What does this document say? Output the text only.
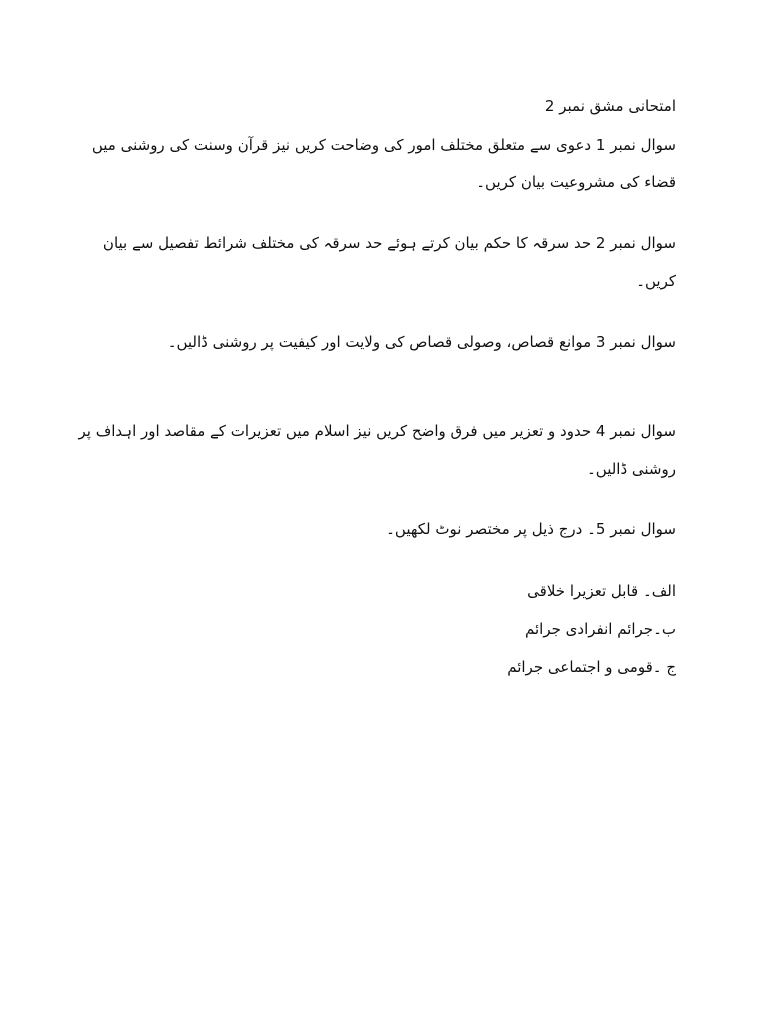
امتحانی مشق نمبر 2
سوال نمبر 1 دعوی سے متعلق مختلف امور کی وضاحت کریں نیز قرآن وسنت کی روشنی میں
قضاء کی مشروعیت بیان کریں۔
سوال نمبر 2 حد سرقہ کا حکم بیان کرتے ہوئے حد سرقہ کی مختلف شرائط تفصیل سے بیان
کریں۔
سوال نمبر 3 موانع قصاص، وصولی قصاص کی ولایت اور کیفیت پر روشنی ڈالیں۔
سوال نمبر 4 حدود و تعزیر میں فرق واضح کریں نیز اسلام میں تعزیرات کے مقاصد اور اہداف پر
روشنی ڈالیں۔
سوال نمبر 5۔ درج ذیل پر مختصر نوٹ لکھیں۔
الف۔ قابل تعزیرا خلاقی
ب۔جرائم انفرادی جرائم
ج ۔قومی و اجتماعی جرائم
